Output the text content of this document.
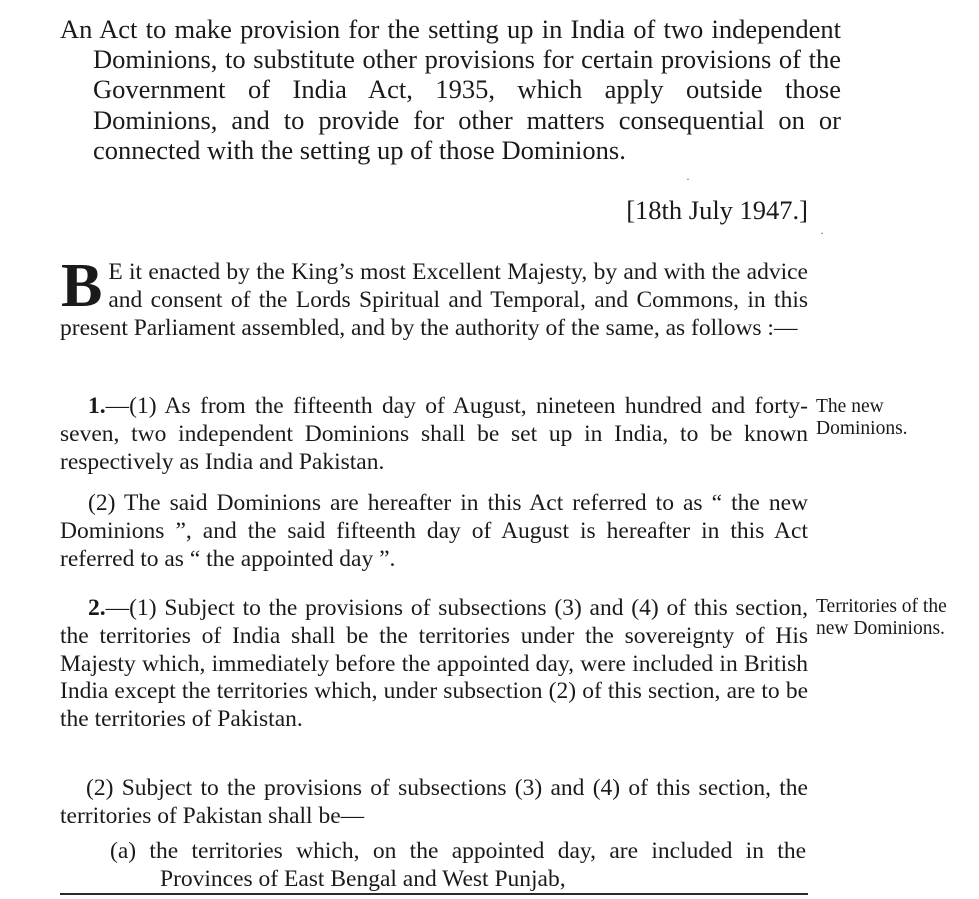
An Act to make provision for the setting up in India of two independent Dominions, to substitute other provisions for certain provisions of the Government of India Act, 1935, which apply outside those Dominions, and to provide for other matters consequential on or connected with the setting up of those Dominions.
[18th July 1947.]
B E it enacted by the King’s most Excellent Majesty, by and with the advice and consent of the Lords Spiritual and Temporal, and Commons, in this present Parliament assembled, and by the authority of the same, as follows :—
1.—(1) As from the fifteenth day of August, nineteen hundred and forty-seven, two independent Dominions shall be set up in India, to be known respectively as India and Pakistan.
The new Dominions.
(2) The said Dominions are hereafter in this Act referred to as “ the new Dominions ”, and the said fifteenth day of August is hereafter in this Act referred to as “ the appointed day ”.
2.—(1) Subject to the provisions of subsections (3) and (4) of this section, the territories of India shall be the territories under the sovereignty of His Majesty which, immediately before the appointed day, were included in British India except the territories which, under subsection (2) of this section, are to be the territories of Pakistan.
Territories of the new Dominions.
(2) Subject to the provisions of subsections (3) and (4) of this section, the territories of Pakistan shall be—
(a) the territories which, on the appointed day, are included in the Provinces of East Bengal and West Punjab,
·
·
